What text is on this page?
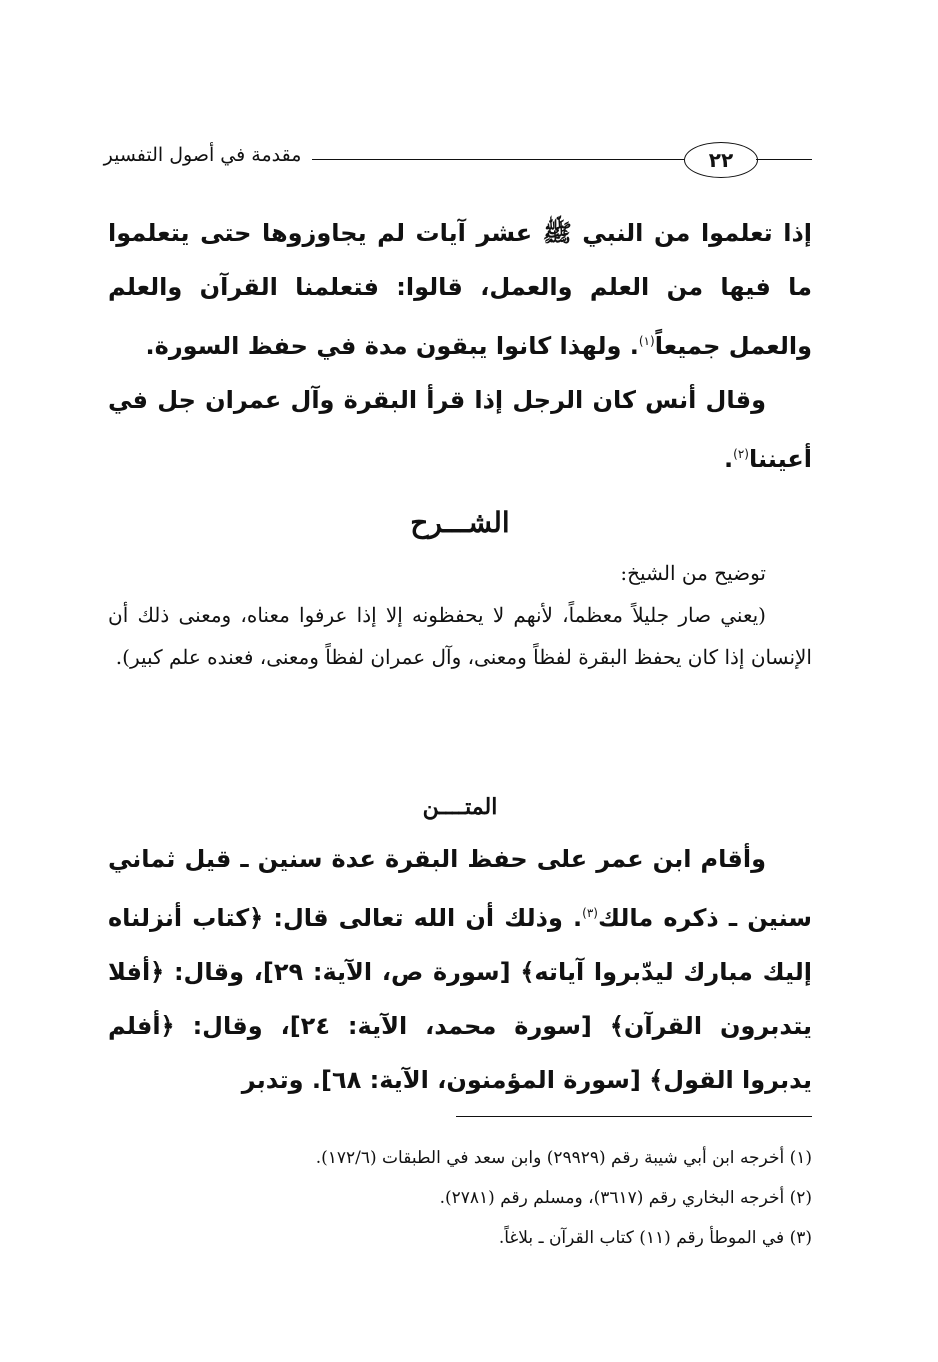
٢٢
مقدمة في أصول التفسير
إذا تعلموا من النبي ﷺ عشر آيات لم يجاوزوها حتى يتعلموا ما فيها من العلم والعمل، قالوا: فتعلمنا القرآن والعلم والعمل جميعاً$^{(١)}$. ولهذا كانوا يبقون مدة في حفظ السورة.
وقال أنس كان الرجل إذا قرأ البقرة وآل عمران جل في أعيننا$^{(٢)}$.
الشـــرح
توضيح من الشيخ:
(يعني صار جليلاً معظماً، لأنهم لا يحفظونه إلا إذا عرفوا معناه، ومعنى ذلك أن الإنسان إذا كان يحفظ البقرة لفظاً ومعنى، وآل عمران لفظاً ومعنى، فعنده علم كبير).
المتــــن
وأقام ابن عمر على حفظ البقرة عدة سنين ـ قيل ثماني سنين ـ ذكره مالك$^{(٣)}$. وذلك أن الله تعالى قال: ﴿كتاب أنزلناه إليك مبارك ليدّبروا آياته﴾ [سورة ص، الآية: ٢٩]، وقال: ﴿أفلا يتدبرون القرآن﴾ [سورة محمد، الآية: ٢٤]، وقال: ﴿أفلم يدبروا القول﴾ [سورة المؤمنون، الآية: ٦٨]. وتدبر

(١) أخرجه ابن أبي شيبة رقم (٢٩٩٢٩) وابن سعد في الطبقات (١٧٢/٦).

(٢) أخرجه البخاري رقم (٣٦١٧)، ومسلم رقم (٢٧٨١).

(٣) في الموطأ رقم (١١) كتاب القرآن ـ بلاغاً.
